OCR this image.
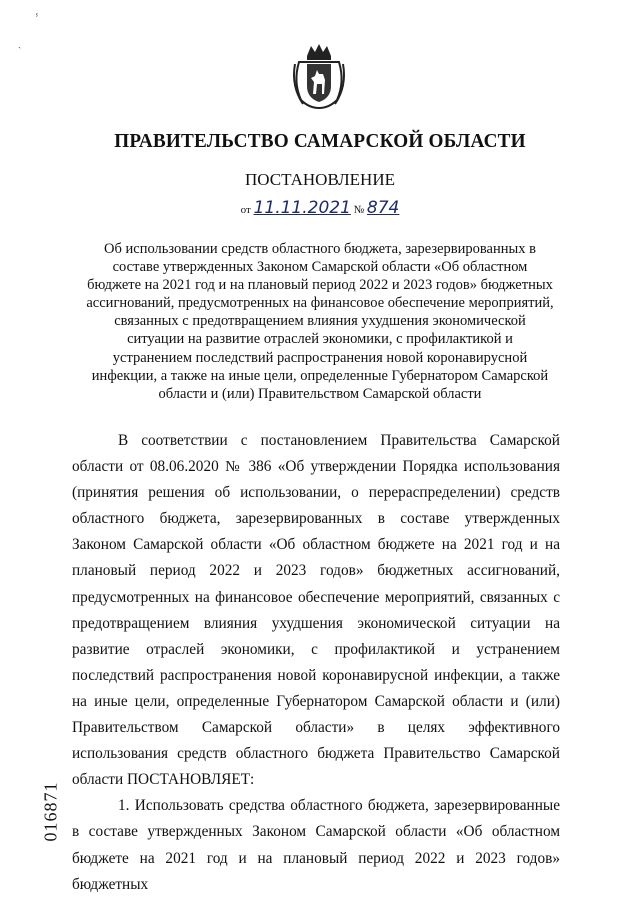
ⸯ
ˏ
ПРАВИТЕЛЬСТВО САМАРСКОЙ ОБЛАСТИ
ПОСТАНОВЛЕНИЕ
от 11.11.2021 № 874
Об использовании средств областного бюджета, зарезервированных в составе утвержденных Законом Самарской области «Об областном бюджете на 2021 год и на плановый период 2022 и 2023 годов» бюджетных ассигнований, предусмотренных на финансовое обеспечение мероприятий, связанных с предотвращением влияния ухудшения экономической ситуации на развитие отраслей экономики, с профилактикой и устранением последствий распространения новой коронавирусной инфекции, а также на иные цели, определенные Губернатором Самарской области и (или) Правительством Самарской области

В соответствии с постановлением Правительства Самарской области от 08.06.2020 № 386 «Об утверждении Порядка использования (принятия решения об использовании, о перераспределении) средств областного бюджета, зарезервированных в составе утвержденных Законом Самарской области «Об областном бюджете на 2021 год и на плановый период 2022 и 2023 годов» бюджетных ассигнований, предусмотренных на финансовое обеспечение мероприятий, связанных с предотвращением влияния ухудшения экономической ситуации на развитие отраслей экономики, с профилактикой и устранением последствий распространения новой коронавирусной инфекции, а также на иные цели, определенные Губернатором Самарской области и (или) Правительством Самарской области» в целях эффективного использования средств областного бюджета Правительство Самарской области ПОСТАНОВЛЯЕТ:

1. Использовать средства областного бюджета, зарезервированные в составе утвержденных Законом Самарской области «Об областном бюджете на 2021 год и на плановый период 2022 и 2023 годов» бюджетных

016871
